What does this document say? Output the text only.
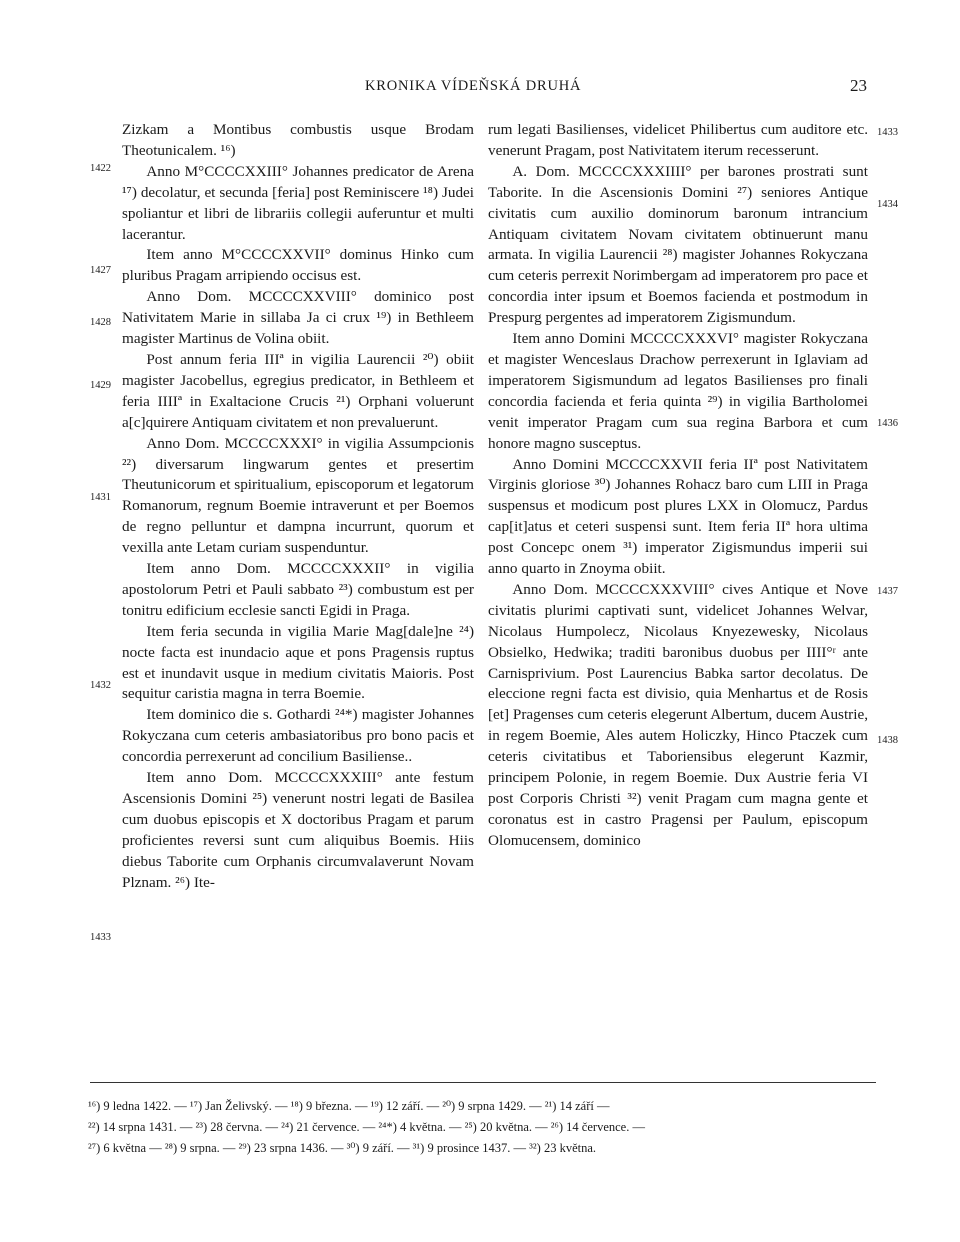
KRONIKA VÍDEŇSKÁ DRUHÁ	23
1422
1427
1428
1429
1431
1432
1433
1433
1434
1436
1437
1438

Zizkam a Montibus combustis usque Brodam Theotunicalem. ¹⁶)

Anno M°CCCCXXIII° Johannes predicator de Arena ¹⁷) decolatur, et secunda [feria] post Reminiscere ¹⁸) Judei spoliantur et libri de librariis collegii auferuntur et multi lacerantur.

Item anno M°CCCCXXVII° dominus Hinko cum pluribus Pragam arripiendo occisus est.

Anno Dom. MCCCCXXVIII° dominico post Nativitatem Marie in sillaba Ja ci crux ¹⁹) in Bethleem magister Martinus de Volina obiit.

Post annum feria IIIª in vigilia Laurencii ²⁰) obiit magister Jacobellus, egregius predicator, in Bethleem et feria IIIIª in Exaltacione Crucis ²¹) Orphani voluerunt a[c]quirere Antiquam civitatem et non prevaluerunt.

Anno Dom. MCCCCXXXI° in vigilia Assumpcionis ²²) diversarum lingwarum gentes et presertim Theutunicorum et spiritualium, episcoporum et legatorum Romanorum, regnum Boemie intraverunt et per Boemos de regno pelluntur et dampna incurrunt, quorum et vexilla ante Letam curiam suspenduntur.

Item anno Dom. MCCCCXXXII° in vigilia apostolorum Petri et Pauli sabbato ²³) combustum est per tonitru edificium ecclesie sancti Egidi in Praga.

Item feria secunda in vigilia Marie Mag[dale]ne ²⁴) nocte facta est inundacio aque et pons Pragensis ruptus est et inundavit usque in medium civitatis Maioris. Post sequitur caristia magna in terra Boemie.

Item dominico die s. Gothardi ²⁴*) magister Johannes Rokyczana cum ceteris ambasiatoribus pro bono pacis et concordia perrexerunt ad concilium Basiliense..

Item anno Dom. MCCCCXXXIII° ante festum Ascensionis Domini ²⁵) venerunt nostri legati de Basilea cum duobus episcopis et X doctoribus Pragam et parum proficientes reversi sunt cum aliquibus Boemis. Hiis diebus Taborite cum Orphanis circumvalaverunt Novam Plznam. ²⁶) Ite-

rum legati Basilienses, videlicet Philibertus cum auditore etc. venerunt Pragam, post Nativitatem iterum recesserunt.

A. Dom. MCCCCXXXIIII° per barones prostrati sunt Taborite. In die Ascensionis Domini ²⁷) seniores Antique civitatis cum auxilio dominorum baronum intrancium Antiquam civitatem Novam civitatem obtinuerunt manu armata. In vigilia Laurencii ²⁸) magister Johannes Rokyczana cum ceteris perrexit Norimbergam ad imperatorem pro pace et concordia inter ipsum et Boemos facienda et postmodum in Prespurg pergentes ad imperatorem Zigismundum.

Item anno Domini MCCCCXXXVI° magister Rokyczana et magister Wenceslaus Drachow perrexerunt in Iglaviam ad imperatorem Sigismundum ad legatos Basilienses pro finali concordia facienda et feria quinta ²⁹) in vigilia Bartholomei venit imperator Pragam cum sua regina Barbora et cum honore magno susceptus.

Anno Domini MCCCCXXVII feria IIª post Nativitatem Virginis gloriose ³⁰) Johannes Rohacz baro cum LIII in Praga suspensus et modicum post plures LXX in Olomucz, Pardus cap[it]atus et ceteri suspensi sunt. Item feria IIª hora ultima post Concepc onem ³¹) imperator Zigismundus imperii sui anno quarto in Znoyma obiit.

Anno Dom. MCCCCXXXVIII° cives Antique et Nove civitatis plurimi captivati sunt, videlicet Johannes Welvar, Nicolaus Humpolecz, Nicolaus Knyezewesky, Nicolaus Obsielko, Hedwika; traditi baronibus duobus per IIII°ʳ ante Carnisprivium. Post Laurencius Babka sartor decolatus. De eleccione regni facta est divisio, quia Menhartus et de Rosis [et] Pragenses cum ceteris elegerunt Albertum, ducem Austrie, in regem Boemie, Ales autem Holiczky, Hinco Ptaczek cum ceteris civitatibus et Taboriensibus elegerunt Kazmir, principem Polonie, in regem Boemie. Dux Austrie feria VI post Corporis Christi ³²) venit Pragam cum magna gente et coronatus est in castro Pragensi per Paulum, episcopum Olomucensem, dominico

¹⁶) 9 ledna 1422. — ¹⁷) Jan Želivský. — ¹⁸) 9 března. — ¹⁹) 12 září. — ²⁰) 9 srpna 1429. — ²¹) 14 září —
²²) 14 srpna 1431. — ²³) 28 června. — ²⁴) 21 července. — ²⁴*) 4 května. — ²⁵) 20 května. — ²⁶) 14 července. —
²⁷) 6 května — ²⁸) 9 srpna. — ²⁹) 23 srpna 1436. — ³⁰) 9 září. — ³¹) 9 prosince 1437. — ³²) 23 května.
